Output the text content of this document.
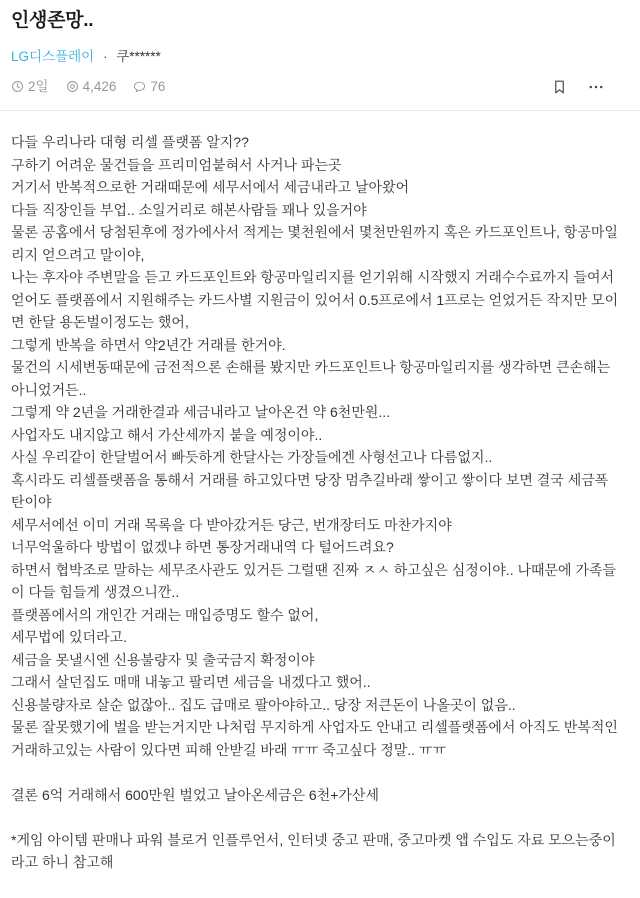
인생존망..
LG디스플레이 · 쿠******
2일	4,426	76

다들 우리나라 대형 리셀 플랫폼 알지??

구하기 어려운 물건들을 프리미엄붙혀서 사거나 파는곳

거기서 반복적으로한 거래때문에 세무서에서 세금내라고 날아왔어

다들 직장인들 부업.. 소일거리로 해본사람들 꽤나 있을거야

물론 공홈에서 당첨된후에 정가에사서 적게는 몇천원에서 몇천만원까지 혹은 카드포인트나, 항공마일리지 얻으려고 말이야,

나는 후자야 주변말을 듣고 카드포인트와 항공마일리지를 얻기위해 시작했지 거래수수료까지 들여서 얻어도 플랫폼에서 지원해주는 카드사별 지원금이 있어서 0.5프로에서 1프로는 얻었거든 작지만 모이면 한달 용돈벌이정도는 했어,

그렇게 반복을 하면서 약2년간 거래를 한거야.

물건의 시세변동때문에 금전적으론 손해를 봤지만 카드포인트나 항공마일리지를 생각하면 큰손해는 아니었거든..

그렇게 약 2년을 거래한결과 세금내라고 날아온건 약 6천만원...

사업자도 내지않고 해서 가산세까지 붙을 예정이야..

사실 우리같이 한달벌어서 빠듯하게 한달사는 가장들에겐 사형선고나 다름없지..

혹시라도 리셀플랫폼을 통해서 거래를 하고있다면 당장 멈추길바래 쌓이고 쌓이다 보면 결국 세금폭탄이야

세무서에선 이미 거래 목록을 다 받아갔거든 당근, 번개장터도 마찬가지야

너무억울하다 방법이 없겠냐 하면 통장거래내역 다 털어드려요?

하면서 협박조로 말하는 세무조사관도 있거든 그럴땐 진짜 ㅈㅅ 하고싶은 심정이야.. 나때문에 가족들이 다들 힘들게 생겼으니깐..

플랫폼에서의 개인간 거래는 매입증명도 할수 없어,

세무법에 있더라고.

세금을 못낼시엔 신용불량자 및 출국금지 확정이야

그래서 살던집도 매매 내놓고 팔리면 세금을 내겠다고 했어..

신용불량자로 살순 없잖아.. 집도 급매로 팔아야하고.. 당장 저큰돈이 나올곳이 없음..

물론 잘못했기에 벌을 받는거지만 나처럼 무지하게 사업자도 안내고 리셀플랫폼에서 아직도 반복적인 거래하고있는 사람이 있다면 피해 안받길 바래 ㅠㅠ 죽고싶다 정말.. ㅠㅠ

결론 6억 거래해서 600만원 벌었고 날아온세금은 6천+가산세

*게임 아이템 판매나 파워 블로거 인플루언서, 인터넷 중고 판매, 중고마켓 앱 수입도 자료 모으는중이라고 하니 참고해
